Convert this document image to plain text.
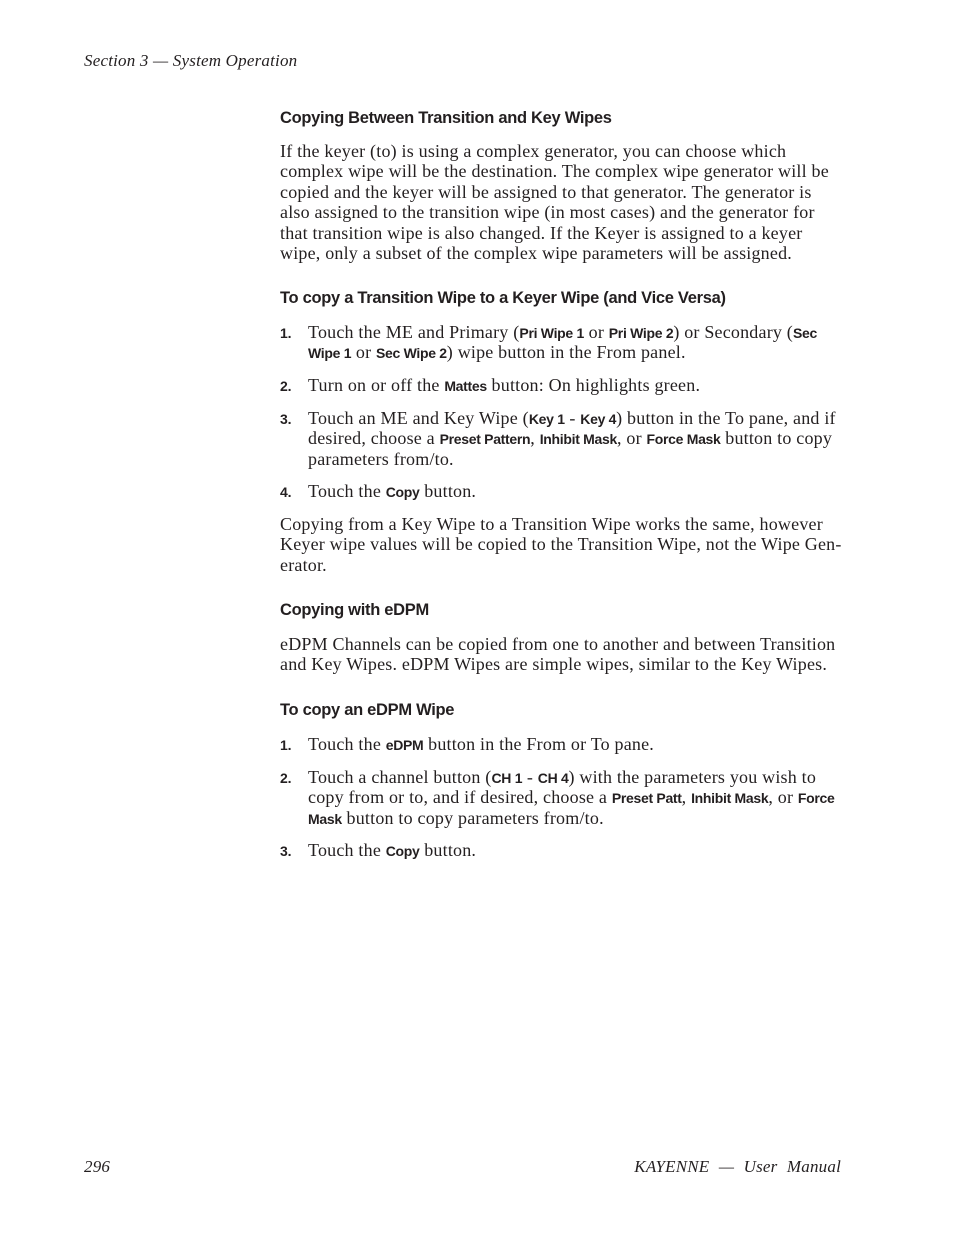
Section 3 — System Operation
Copying Between Transition and Key Wipes
If the keyer (to) is using a complex generator, you can choose which
complex wipe will be the destination. The complex wipe generator will be
copied and the keyer will be assigned to that generator. The generator is
also assigned to the transition wipe (in most cases) and the generator for
that transition wipe is also changed. If the Keyer is assigned to a keyer
wipe, only a subset of the complex wipe parameters will be assigned.
To copy a Transition Wipe to a Keyer Wipe (and Vice Versa)
1. Touch the ME and Primary (Pri Wipe 1 or Pri Wipe 2) or Secondary (Sec
Wipe 1 or Sec Wipe 2) wipe button in the From panel.
2. Turn on or off the Mattes button: On highlights green.
3. Touch an ME and Key Wipe (Key 1 - Key 4) button in the To pane, and if
desired, choose a Preset Pattern, Inhibit Mask, or Force Mask button to copy
parameters from/to.
4. Touch the Copy button.
Copying from a Key Wipe to a Transition Wipe works the same, however
Keyer wipe values will be copied to the Transition Wipe, not the Wipe Gen-
erator.
Copying with eDPM
eDPM Channels can be copied from one to another and between Transition
and Key Wipes. eDPM Wipes are simple wipes, similar to the Key Wipes.
To copy an eDPM Wipe
1. Touch the eDPM button in the From or To pane.
2. Touch a channel button (CH 1 - CH 4) with the parameters you wish to
copy from or to, and if desired, choose a Preset Patt, Inhibit Mask, or Force
Mask button to copy parameters from/to.
3. Touch the Copy button.
296	KAYENNE — User Manual
